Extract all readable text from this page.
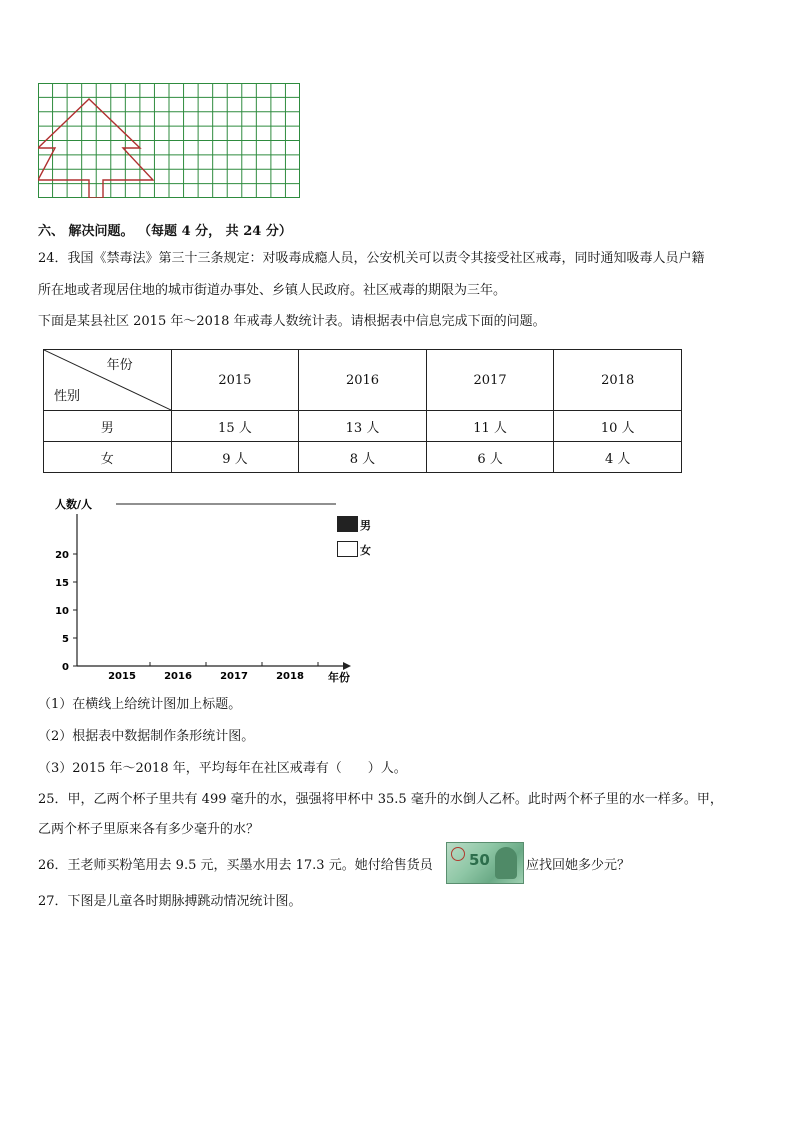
六、 解决问题。 （每题 4 分， 共 24 分）
24．我国《禁毒法》第三十三条规定：对吸毒成瘾人员，公安机关可以责令其接受社区戒毒，同时通知吸毒人员户籍
所在地或者现居住地的城市街道办事处、乡镇人民政府。社区戒毒的期限为三年。
下面是某县社区 2015 年～2018 年戒毒人数统计表。请根据表中信息完成下面的问题。
年份
性别	2015	2016	2017	2018
男	15 人	13 人	11 人	10 人
女	9 人	8 人	6 人	4 人
人数/人
0
5
10
15
20
2015	2016	2017	2018 年份
男
女
（1）在横线上给统计图加上标题。
（2）根据表中数据制作条形统计图。
（3）2015 年～2018 年，平均每年在社区戒毒有（　　）人。
25．甲，乙两个杯子里共有 499 毫升的水，强强将甲杯中 35.5 毫升的水倒人乙杯。此时两个杯子里的水一样多。甲，
乙两个杯子里原来各有多少毫升的水？
26．王老师买粉笔用去 9.5 元，买墨水用去 17.3 元。她付给售货员 50	应找回她多少元？
27．下图是儿童各时期脉搏跳动情况统计图。
